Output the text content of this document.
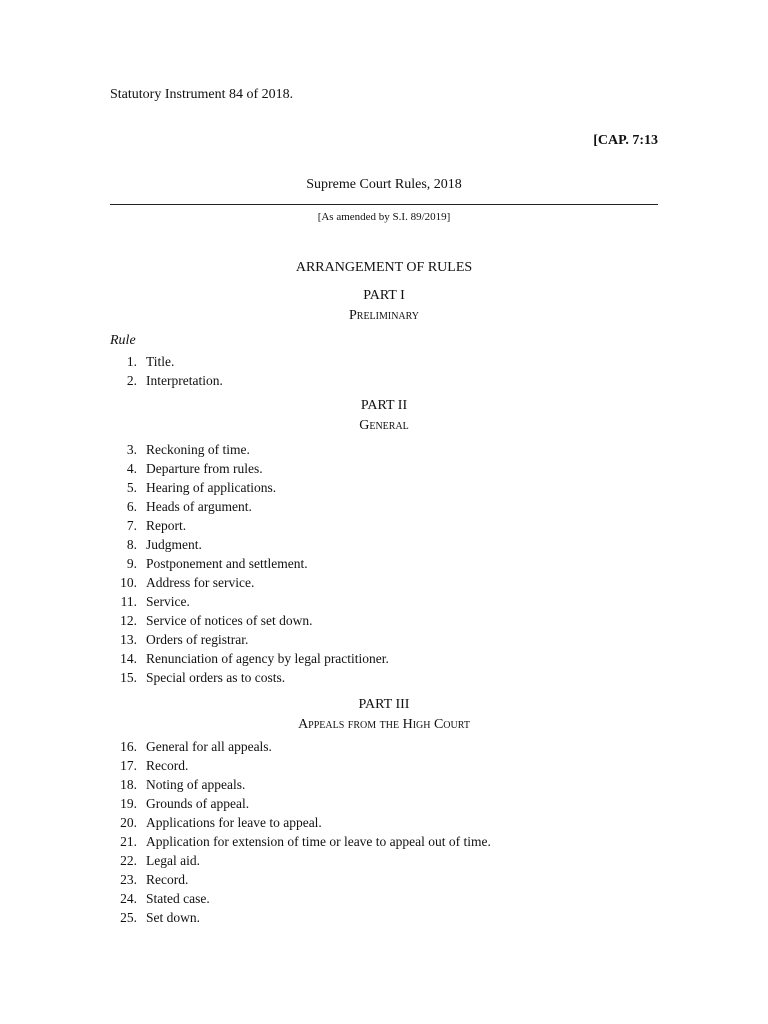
Statutory Instrument 84 of 2018.
[CAP. 7:13
Supreme Court Rules, 2018
[As amended by S.I. 89/2019]
ARRANGEMENT OF RULES
PART I
Preliminary
Rule
1. Title.
2. Interpretation.
PART II
General
3. Reckoning of time.
4. Departure from rules.
5. Hearing of applications.
6. Heads of argument.
7. Report.
8. Judgment.
9. Postponement and settlement.
10. Address for service.
11. Service.
12. Service of notices of set down.
13. Orders of registrar.
14. Renunciation of agency by legal practitioner.
15. Special orders as to costs.
PART III
Appeals from the High Court
16. General for all appeals.
17. Record.
18. Noting of appeals.
19. Grounds of appeal.
20. Applications for leave to appeal.
21. Application for extension of time or leave to appeal out of time.
22. Legal aid.
23. Record.
24. Stated case.
25. Set down.
